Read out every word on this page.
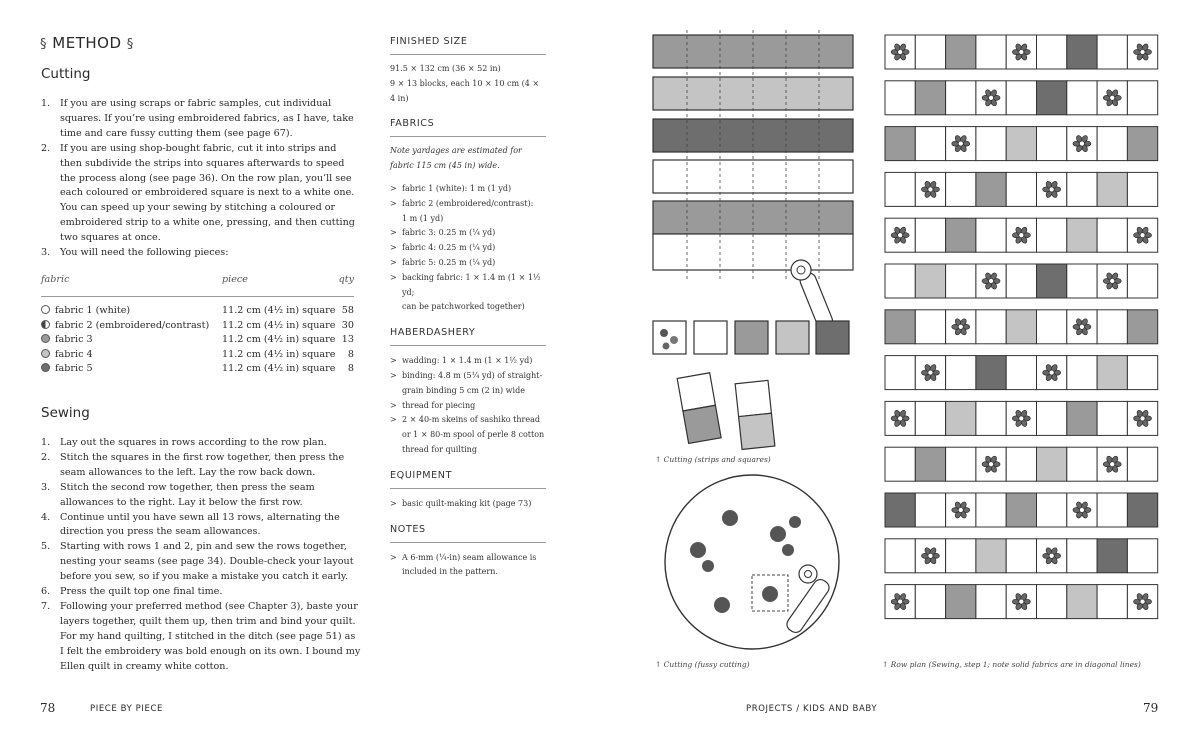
§ METHOD §
Cutting
1. If you are using scraps or fabric samples, cut individual
squares. If you’re using embroidered fabrics, as I have, take
time and care fussy cutting them (see page 67).
2. If you are using shop-bought fabric, cut it into strips and
then subdivide the strips into squares afterwards to speed
the process along (see page 36). On the row plan, you’ll see
each coloured or embroidered square is next to a white one.
You can speed up your sewing by stitching a coloured or
embroidered strip to a white one, pressing, and then cutting
two squares at once.
3. You will need the following pieces:
fabric	piece	qty
fabric 1 (white)	11.2 cm (4½ in) square 58
fabric 2 (embroidered/contrast) 11.2 cm (4½ in) square 30
fabric 3	11.2 cm (4½ in) square 13
fabric 4	11.2 cm (4½ in) square 8
fabric 5	11.2 cm (4½ in) square 8
Sewing
1. Lay out the squares in rows according to the row plan.
2. Stitch the squares in the first row together, then press the
seam allowances to the left. Lay the row back down.
3. Stitch the second row together, then press the seam
allowances to the right. Lay it below the first row.
4. Continue until you have sewn all 13 rows, alternating the
direction you press the seam allowances.
5. Starting with rows 1 and 2, pin and sew the rows together,
nesting your seams (see page 34). Double-check your layout
before you sew, so if you make a mistake you catch it early.
6. Press the quilt top one final time.
7. Following your preferred method (see Chapter 3), baste your
layers together, quilt them up, then trim and bind your quilt.
For my hand quilting, I stitched in the ditch (see page 51) as
I felt the embroidery was bold enough on its own. I bound my
Ellen quilt in creamy white cotton.
FINISHED SIZE
91.5 × 132 cm (36 × 52 in)
9 × 13 blocks, each 10 × 10 cm (4 × 4 in)
FABRICS
Note yardages are estimated for
fabric 115 cm (45 in) wide.
> fabric 1 (white): 1 m (1 yd)
> fabric 2 (embroidered/contrast):
1 m (1 yd)
> fabric 3: 0.25 m (¼ yd)
> fabric 4: 0.25 m (¼ yd)
> fabric 5: 0.25 m (¼ yd)
> backing fabric: 1 × 1.4 m (1 × 1½ yd;
can be patchworked together)
HABERDASHERY
> wadding: 1 × 1.4 m (1 × 1½ yd)
> binding: 4.8 m (5¼ yd) of straight-
grain binding 5 cm (2 in) wide
> thread for piecing
> 2 × 40-m skeins of sashiko thread
or 1 × 80-m spool of perle 8 cotton
thread for quilting
EQUIPMENT
> basic quilt-making kit (page 73)
NOTES
> A 6-mm (¼-in) seam allowance is
included in the pattern.
↑ Cutting (strips and squares)
↑ Cutting (fussy cutting)	↑ Row plan (Sewing, step 1; note solid fabrics are in diagonal lines)
78	PIECE BY PIECE	PROJECTS / KIDS AND BABY	79
